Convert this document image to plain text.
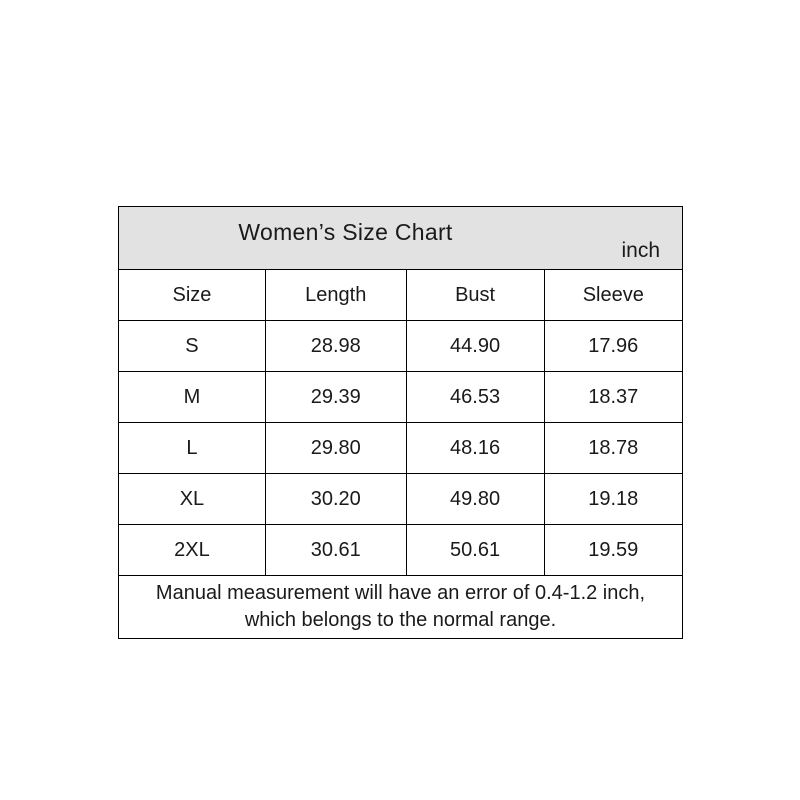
Women’s Size Chart
inch			

Size	Length	Bust	Sleeve
S	28.98	44.90	17.96
M	29.39	46.53	18.37
L	29.80	48.16	18.78
XL	30.20	49.80	19.18
2XL	30.61	50.61	19.59

Manual measurement will have an error of 0.4-1.2 inch,
which belongs to the normal range.			
